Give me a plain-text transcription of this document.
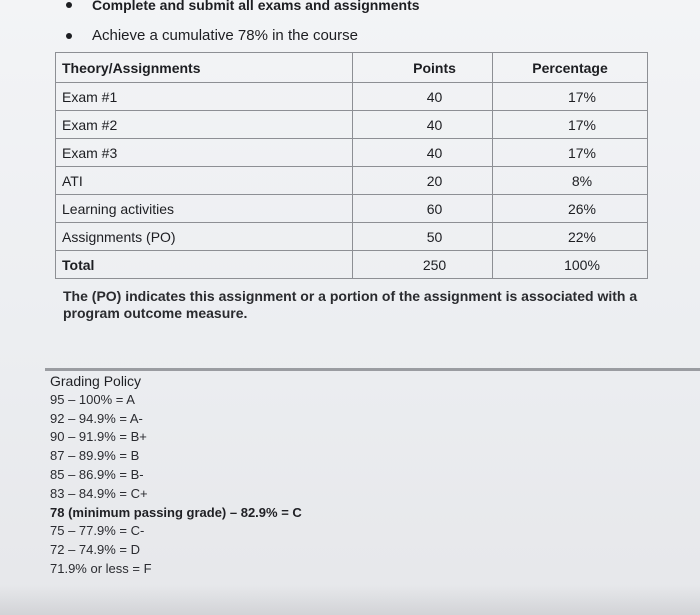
Complete and submit all exams and assignments
Achieve a cumulative 78% in the course
Theory/Assignments	Points	Percentage
Exam #1	40	17%
Exam #2	40	17%
Exam #3	40	17%
ATI	20	8%
Learning activities	60	26%
Assignments (PO)	50	22%
Total	250	100%
The (PO) indicates this assignment or a portion of the assignment is associated with a program outcome measure.
Grading Policy
95 – 100% = A
92 – 94.9% = A-
90 – 91.9% = B+
87 – 89.9% = B
85 – 86.9% = B-
83 – 84.9% = C+
78 (minimum passing grade) – 82.9% = C
75 – 77.9% = C-
72 – 74.9% = D
71.9% or less = F
